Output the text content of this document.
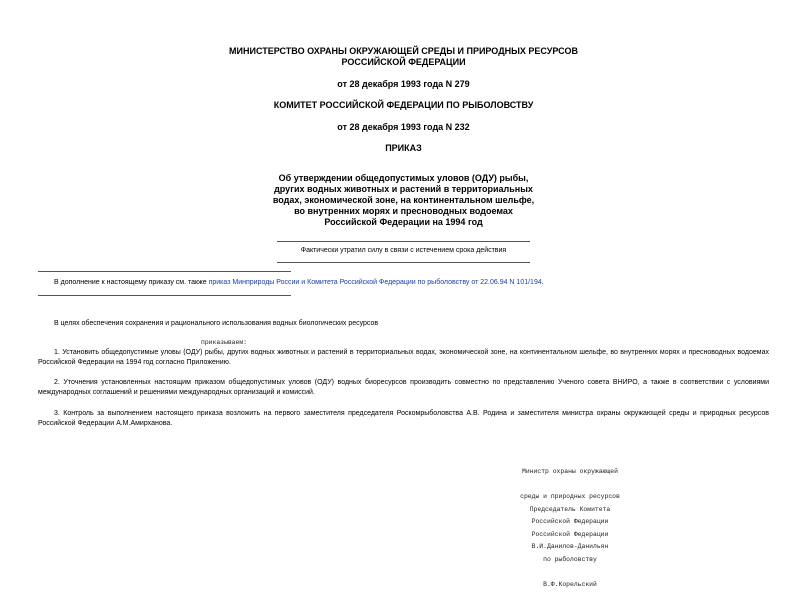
МИНИСТЕРСТВО ОХРАНЫ ОКРУЖАЮЩЕЙ СРЕДЫ И ПРИРОДНЫХ РЕСУРСОВ
РОССИЙСКОЙ ФЕДЕРАЦИИ
от 28 декабря 1993 года N 279
КОМИТЕТ РОССИЙСКОЙ ФЕДЕРАЦИИ ПО РЫБОЛОВСТВУ
от 28 декабря 1993 года N 232
ПРИКАЗ
Об утверждении общедопустимых уловов (ОДУ) рыбы,
других водных животных и растений в территориальных
водах, экономической зоне, на континентальном шельфе,
во внутренних морях и пресноводных водоемах
Российской Федерации на 1994 год
Фактически утратил силу в связи с истечением срока действия
В дополнение к настоящему приказу см. также приказ Минприроды России и Комитета Российской Федерации по рыболовству от 22.06.94 N 101/194.
В целях обеспечения сохранения и рационального использования водных биологических ресурсов
приказываем:
1. Установить общедопустимые уловы (ОДУ) рыбы, других водных животных и растений в территориальных водах, экономической зоне, на континентальном шельфе, во внутренних морях и пресноводных водоемах Российской Федерации на 1994 год согласно Приложению.
2. Уточнения установленных настоящим приказом общедопустимых уловов (ОДУ) водных биоресурсов производить совместно по представлению Ученого совета ВНИРО, а также в соответствии с условиями международных соглашений и решениями международных организаций и комиссий.
3. Контроль за выполнением настоящего приказа возложить на первого заместителя председателя Роскомрыболовства А.В. Родина и заместителя министра охраны окружающей среды и природных ресурсов Российской Федерации А.М.Амирханова.

Министр охраны окружающей

среды и природных ресурсов

Российской Федерации

В.И.Данилов-Данильян

Председатель Комитета

Российской Федерации

по рыболовству

В.Ф.Корельский
